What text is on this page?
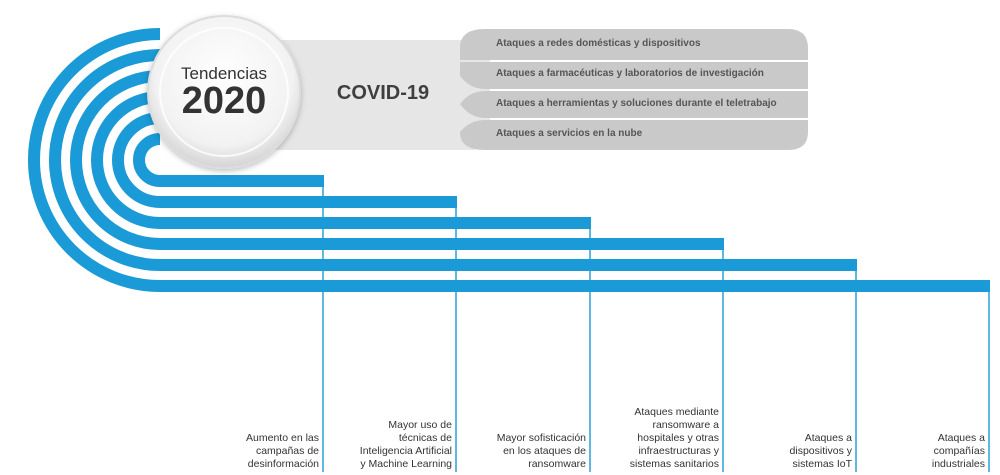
COVID-19
Tendencias
2020
Ataques a redes domésticas y dispositivos
Ataques a farmacéuticas y laboratorios de investigación
Ataques a herramientas y soluciones durante el teletrabajo
Ataques a servicios en la nube
Aumento en las
campañas de
desinformación
Mayor uso de
técnicas de
Inteligencia Artificial
y Machine Learning
Mayor sofisticación
en los ataques de
ransomware
Ataques mediante
ransomware a
hospitales y otras
infraestructuras y
sistemas sanitarios
Ataques a
dispositivos y
sistemas IoT
Ataques a
compañías
industriales
